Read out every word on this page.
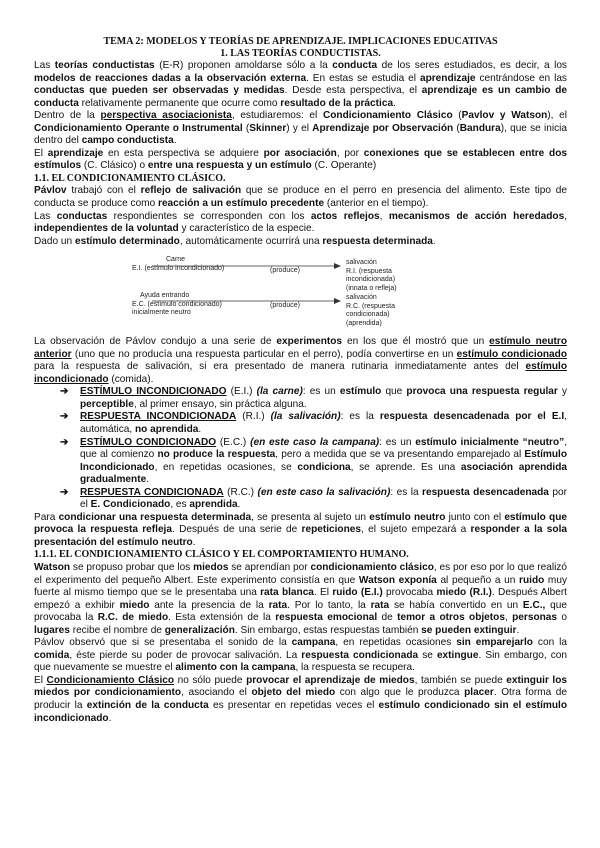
TEMA 2: MODELOS Y TEORÍAS DE APRENDIZAJE. IMPLICACIONES EDUCATIVAS
1. LAS TEORÍAS CONDUCTISTAS.

Las teorías conductistas (E-R) proponen amoldarse sólo a la conducta de los seres estudiados, es decir, a los modelos de reacciones dadas a la observación externa. En estas se estudia el aprendizaje centrándose en las conductas que pueden ser observadas y medidas. Desde esta perspectiva, el aprendizaje es un cambio de conducta relativamente permanente que ocurre como resultado de la práctica.

Dentro de la perspectiva asociacionista, estudiaremos: el Condicionamiento Clásico (Pavlov y Watson), el Condicionamiento Operante o Instrumental (Skinner) y el Aprendizaje por Observación (Bandura), que se inicia dentro del campo conductista.

El aprendizaje en esta perspectiva se adquiere por asociación, por conexiones que se establecen entre dos estímulos (C. Clásico) o entre una respuesta y un estímulo (C. Operante)

1.1. EL CONDICIONAMIENTO CLÁSICO.

Pávlov trabajó con el reflejo de salivación que se produce en el perro en presencia del alimento. Este tipo de conducta se produce como reacción a un estímulo precedente (anterior en el tiempo).

Las conductas respondientes se corresponden con los actos reflejos, mecanismos de acción heredados, independientes de la voluntad y característico de la especie.

Dado un estímulo determinado, automáticamente ocurrirá una respuesta determinada.

Carne
E.I. (estímulo incondicionado)	(produce)
salivación
R.I. (respuesta
incondicionada)
(innata o refleja)
Ayuda entrando
E.C. (estímulo condicionado)
inicialmente neutro
(produce)
salivación
R.C. (respuesta
condicionada)
(aprendida)

La observación de Pávlov condujo a una serie de experimentos en los que él mostró que un estímulo neutro anterior (uno que no producía una respuesta particular en el perro), podía convertirse en un estímulo condicionado para la respuesta de salivación, si era presentado de manera rutinaria inmediatamente antes del estímulo incondicionado (comida).

➔ ESTÍMULO INCONDICIONADO (E.I.) (la carne): es un estímulo que provoca una respuesta regular y perceptible, al primer ensayo, sin práctica alguna.
➔ RESPUESTA INCONDICIONADA (R.I.) (la salivación): es la respuesta desencadenada por el E.I, automática, no aprendida.
➔ ESTÍMULO CONDICIONADO (E.C.) (en este caso la campana): es un estímulo inicialmente “neutro”, que al comienzo no produce la respuesta, pero a medida que se va presentando emparejado al Estímulo Incondicionado, en repetidas ocasiones, se condiciona, se aprende. Es una asociación aprendida gradualmente.
➔ RESPUESTA CONDICIONADA (R.C.) (en este caso la salivación): es la respuesta desencadenada por el E. Condicionado, es aprendida.

Para condicionar una respuesta determinada, se presenta al sujeto un estímulo neutro junto con el estímulo que provoca la respuesta refleja. Después de una serie de repeticiones, el sujeto empezará a responder a la sola presentación del estímulo neutro.

1.1.1. EL CONDICIONAMIENTO CLÁSICO Y EL COMPORTAMIENTO HUMANO.

Watson se propuso probar que los miedos se aprendían por condicionamiento clásico, es por eso por lo que realizó el experimento del pequeño Albert. Este experimento consistía en que Watson exponía al pequeño a un ruido muy fuerte al mismo tiempo que se le presentaba una rata blanca. El ruido (E.I.) provocaba miedo (R.I.). Después Albert empezó a exhibir miedo ante la presencia de la rata. Por lo tanto, la rata se había convertido en un E.C., que provocaba la R.C. de miedo. Esta extensión de la respuesta emocional de temor a otros objetos, personas o lugares recibe el nombre de generalización. Sin embargo, estas respuestas también se pueden extinguir.

Pávlov observó que si se presentaba el sonido de la campana, en repetidas ocasiones sin emparejarlo con la comida, éste pierde su poder de provocar salivación. La respuesta condicionada se extingue. Sin embargo, con que nuevamente se muestre el alimento con la campana, la respuesta se recupera.

El Condicionamiento Clásico no sólo puede provocar el aprendizaje de miedos, también se puede extinguir los miedos por condicionamiento, asociando el objeto del miedo con algo que le produzca placer. Otra forma de producir la extinción de la conducta es presentar en repetidas veces el estímulo condicionado sin el estímulo incondicionado.
